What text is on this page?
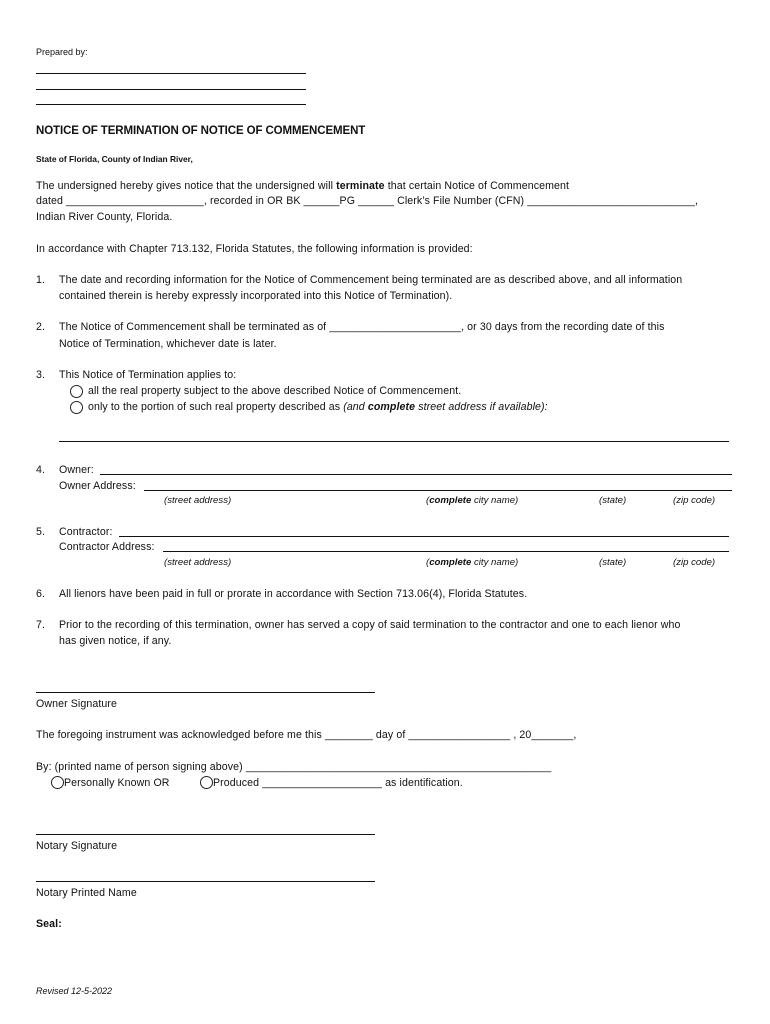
Prepared by:
NOTICE OF TERMINATION OF NOTICE OF COMMENCEMENT
State of Florida, County of Indian River,
The undersigned hereby gives notice that the undersigned will terminate that certain Notice of Commencement
dated _______________________, recorded in OR BK ______PG ______ Clerk’s File Number (CFN) ____________________________,
Indian River County, Florida.
In accordance with Chapter 713.132, Florida Statutes, the following information is provided:
1. The date and recording information for the Notice of Commencement being terminated are as described above, and all information
contained therein is hereby expressly incorporated into this Notice of Termination).
2. The Notice of Commencement shall be terminated as of ______________________, or 30 days from the recording date of this
Notice of Termination, whichever date is later.
3. This Notice of Termination applies to:
all the real property subject to the above described Notice of Commencement.
only to the portion of such real property described as (and complete street address if available):
4. Owner:
Owner Address:
(street address)	(complete city name)	(state)	(zip code)
5. Contractor:
Contractor Address:
(street address)	(complete city name)	(state)	(zip code)
6. All lienors have been paid in full or prorate in accordance with Section 713.06(4), Florida Statutes.
7. Prior to the recording of this termination, owner has served a copy of said termination to the contractor and one to each lienor who
has given notice, if any.
Owner Signature
The foregoing instrument was acknowledged before me this ________ day of _________________ , 20_______,
By: (printed name of person signing above) ___________________________________________________
Personally Known OR	Produced ____________________ as identification.
Notary Signature
Notary Printed Name
Seal:
Revised 12-5-2022
